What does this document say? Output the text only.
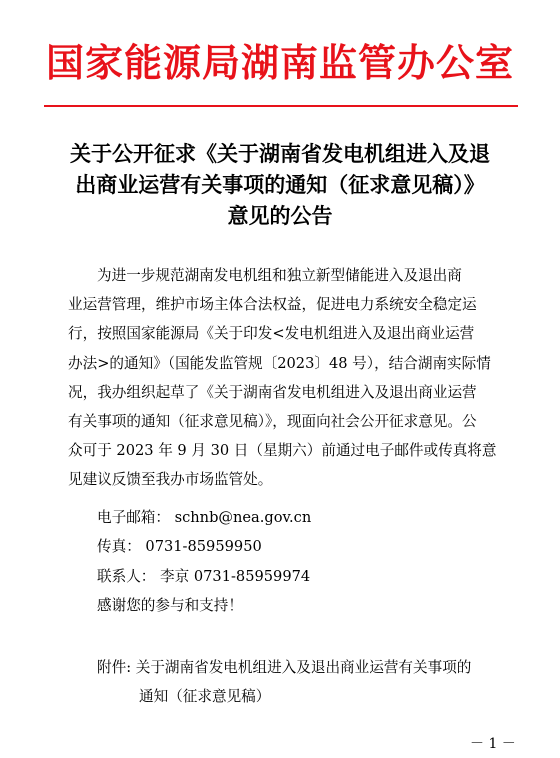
国家能源局湖南监管办公室
关于公开征求《关于湖南省发电机组进入及退
出商业运营有关事项的通知（征求意见稿）》
意见的公告
为进一步规范湖南发电机组和独立新型储能进入及退出商
业运营管理，维护市场主体合法权益，促进电力系统安全稳定运
行，按照国家能源局《关于印发<发电机组进入及退出商业运营
办法>的通知》（国能发监管规〔2023〕48 号），结合湖南实际情
况，我办组织起草了《关于湖南省发电机组进入及退出商业运营
有关事项的通知（征求意见稿）》，现面向社会公开征求意见。公
众可于 2023 年 9 月 30 日（星期六）前通过电子邮件或传真将意
见建议反馈至我办市场监管处。
电子邮箱： schnb@nea.gov.cn
传真： 0731-85959950
联系人： 李京 0731-85959974
感谢您的参与和支持！
附件: 关于湖南省发电机组进入及退出商业运营有关事项的
通知（征求意见稿）
－ 1 －
